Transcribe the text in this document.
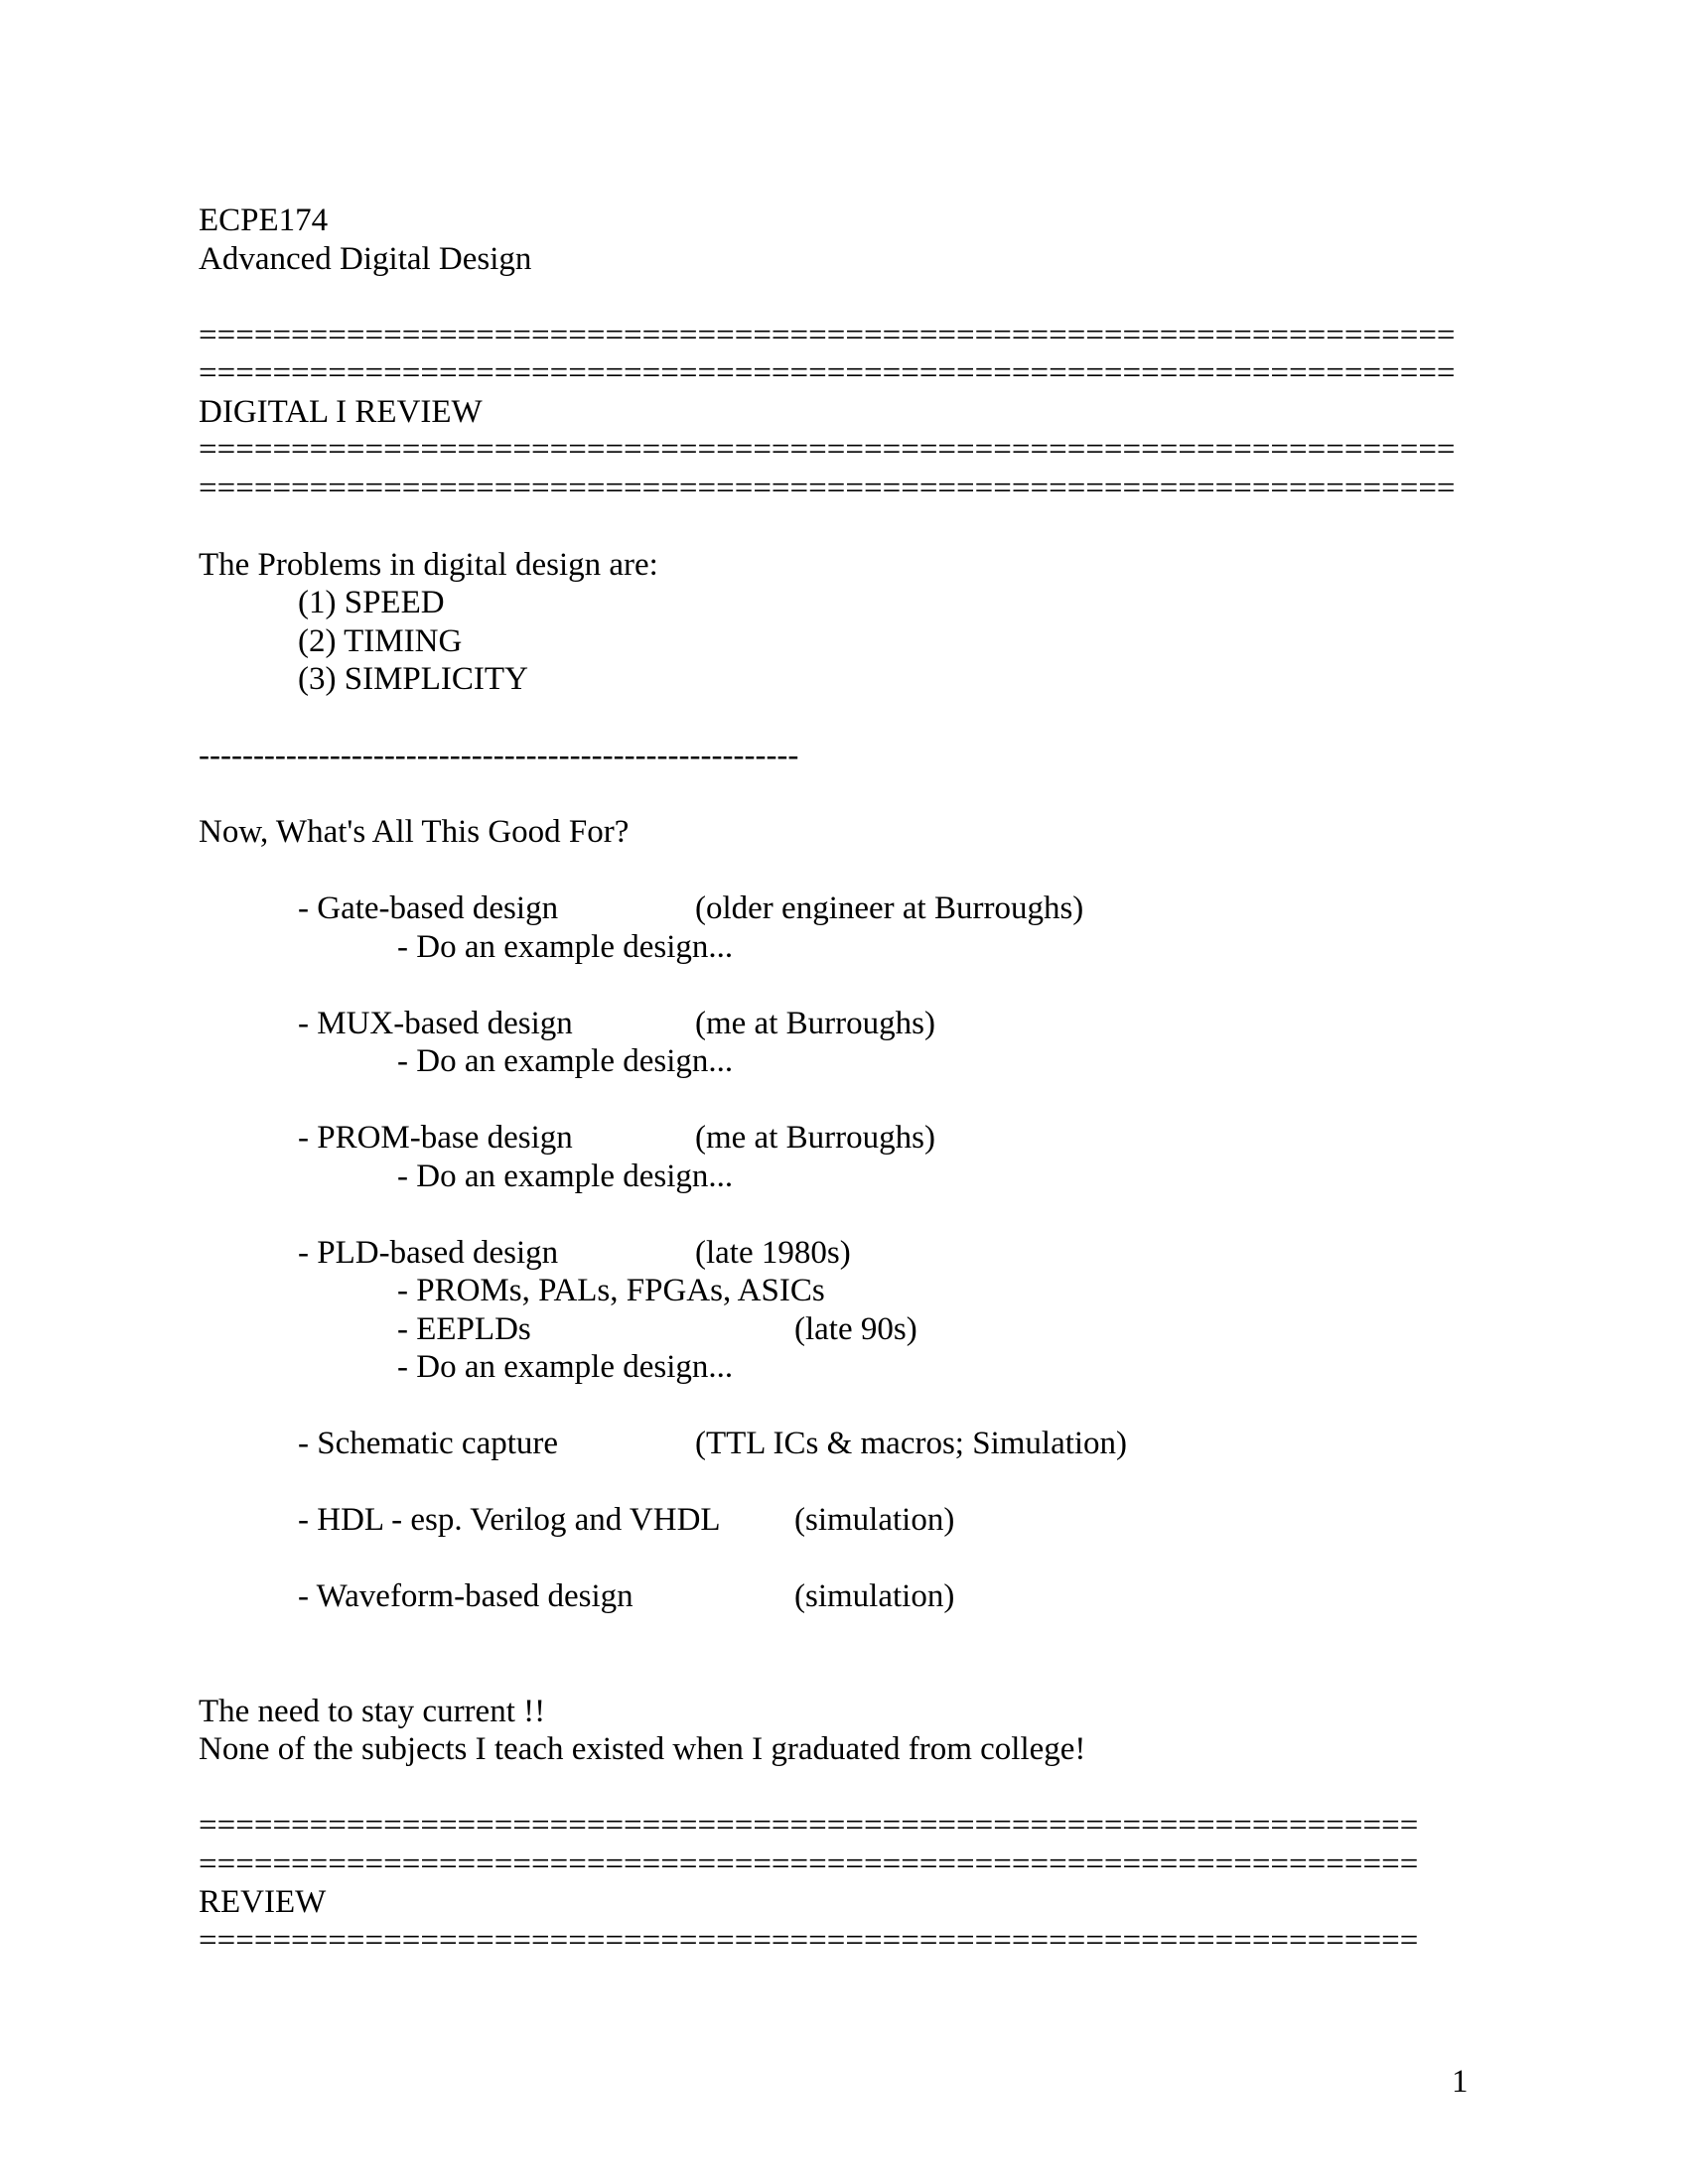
ECPE174
Advanced Digital Design
====================================================================
====================================================================
DIGITAL I REVIEW
====================================================================
====================================================================
The Problems in digital design are:
(1) SPEED
(2) TIMING
(3) SIMPLICITY
-------------------------------------------------------
Now, What's All This Good For?
- Gate-based design	(older engineer at Burroughs)
- Do an example design...
- MUX-based design	(me at Burroughs)
- Do an example design...
- PROM-base design	(me at Burroughs)
- Do an example design...
- PLD-based design	(late 1980s)
- PROMs, PALs, FPGAs, ASICs
- EEPLDs	(late 90s)
- Do an example design...
- Schematic capture	(TTL ICs & macros; Simulation)
- HDL - esp. Verilog and VHDL (simulation)
- Waveform-based design	(simulation)
The need to stay current !!
None of the subjects I teach existed when I graduated from college!
==================================================================
==================================================================
REVIEW
==================================================================
1
